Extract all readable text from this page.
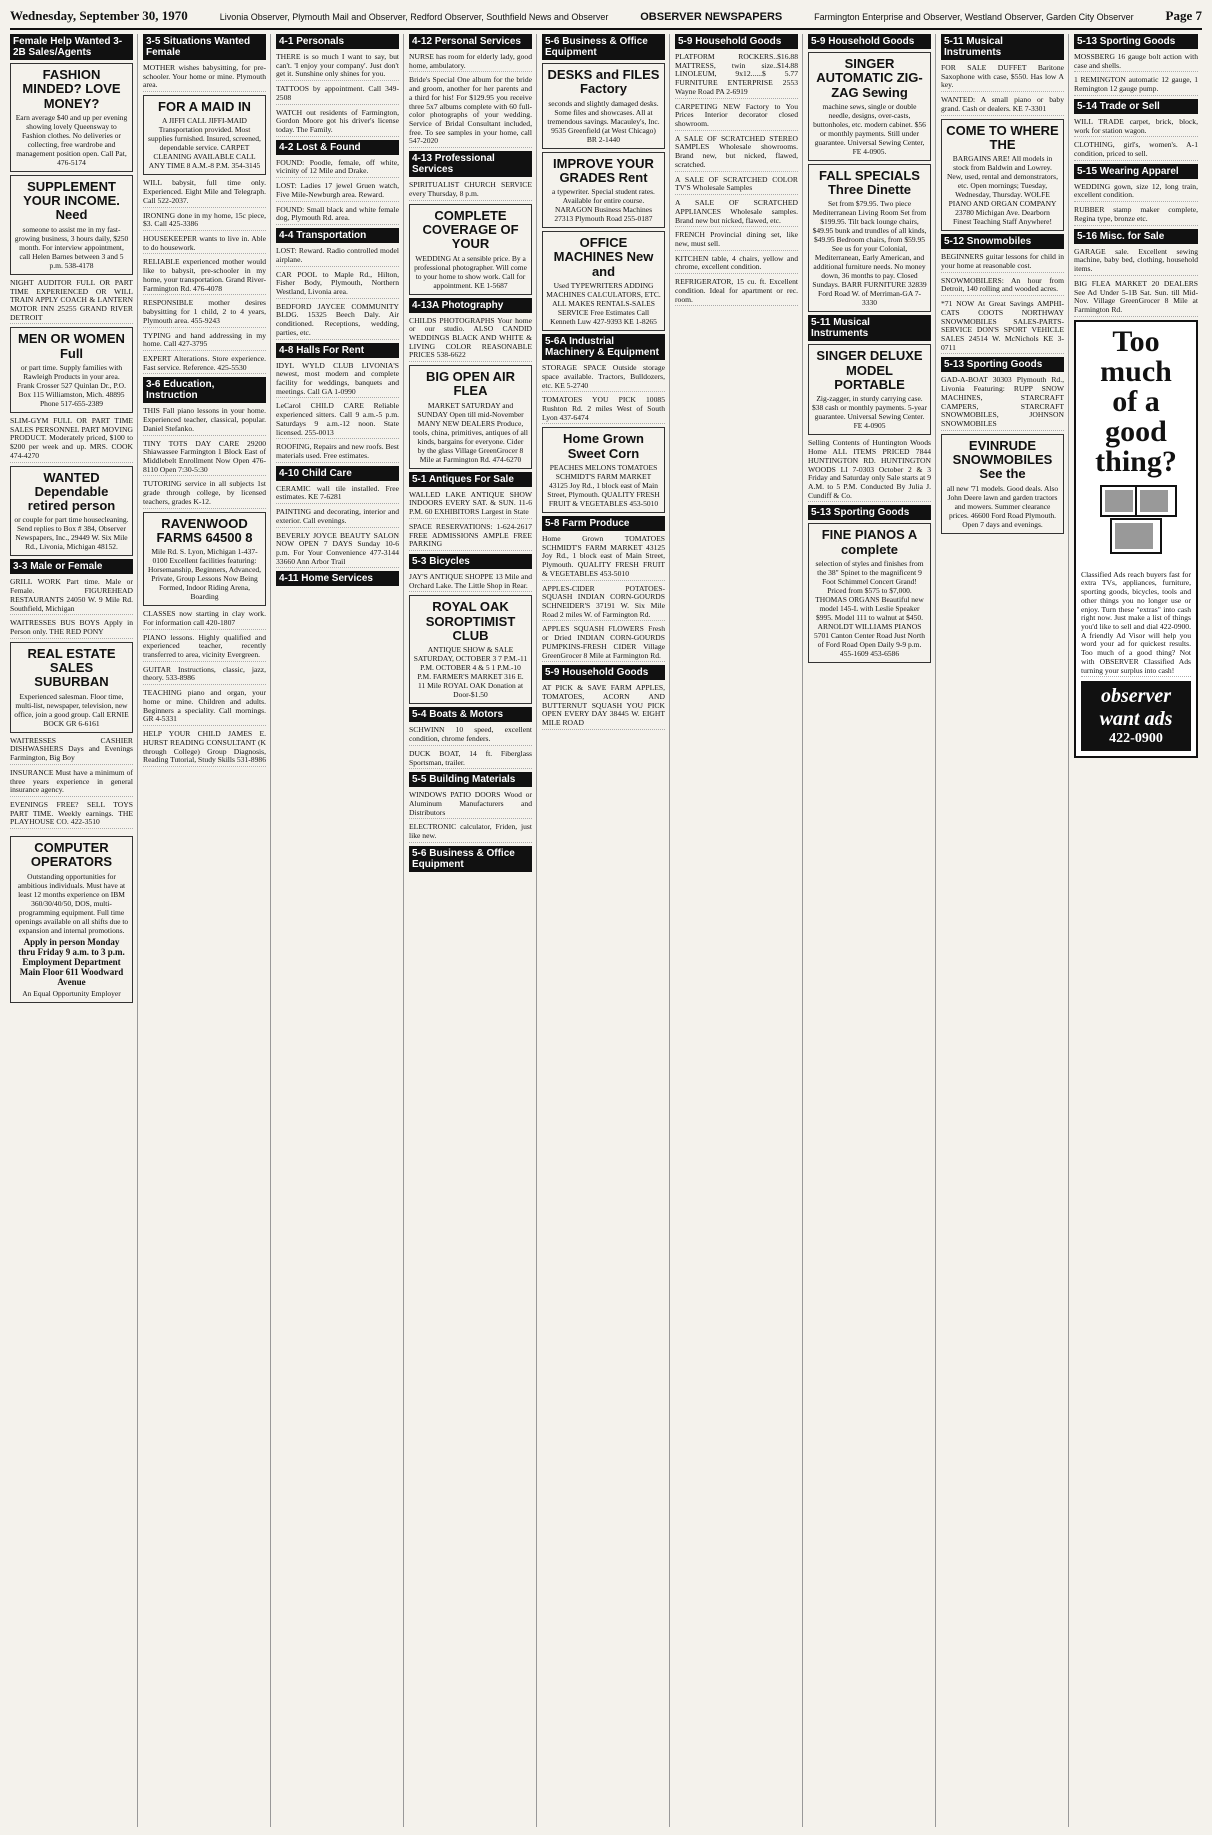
Wednesday, September 30, 1970	Livonia Observer, Plymouth Mail and Observer, Redford Observer, Southfield News and Observer	OBSERVER NEWSPAPERS	Farmington Enterprise and Observer, Westland Observer, Garden City Observer Page 7
Female Help Wanted 3-2B Sales/Agents
FASHION MINDED? LOVE MONEY?
Earn average $40 and up per evening showing lovely Queensway to Fashion clothes. No deliveries or collecting, free wardrobe and management position open. Call Pat, 476-5174
SUPPLEMENT YOUR INCOME. Need
someone to assist me in my fast-growing business, 3 hours daily, $250 month. For interview appointment, call Helen Barnes between 3 and 5 p.m. 538-4178
NIGHT AUDITOR FULL OR PART TIME EXPERIENCED OR WILL TRAIN APPLY COACH & LANTERN MOTOR INN 25255 GRAND RIVER DETROIT
MEN OR WOMEN Full
or part time. Supply families with Rawleigh Products in your area. Frank Crosser 527 Quinlan Dr., P.O. Box 115 Williamston, Mich. 48895 Phone 517-655-2389
SLIM-GYM FULL OR PART TIME SALES PERSONNEL PART MOVING PRODUCT. Moderately priced, $100 to $200 per week and up. MRS. COOK 474-4270
WANTED Dependable retired person
or couple for part time housecleaning. Send replies to Box # 384, Observer Newspapers, Inc., 29449 W. Six Mile Rd., Livonia, Michigan 48152.
3-3 Male or Female
GRILL WORK Part time. Male or Female. FIGUREHEAD RESTAURANTS 24050 W. 9 Mile Rd. Southfield, Michigan
WAITRESSES BUS BOYS Apply in Person only. THE RED PONY
REAL ESTATE SALES SUBURBAN
Experienced salesman. Floor time, multi-list, newspaper, television, new office, join a good group. Call ERNIE BOCK GR 6-6161
WAITRESSES CASHIER DISHWASHERS Days and Evenings Farmington, Big Boy
INSURANCE Must have a minimum of three years experience in general insurance agency.
EVENINGS FREE? SELL TOYS PART TIME. Weekly earnings. THE PLAYHOUSE CO. 422-3510
COMPUTER OPERATORS
Outstanding opportunities for ambitious individuals. Must have at least 12 months experience on IBM 360/30/40/50, DOS, multi-programming equipment. Full time openings available on all shifts due to expansion and internal promotions.
Apply in person Monday thru Friday 9 a.m. to 3 p.m. Employment Department Main Floor 611 Woodward Avenue
An Equal Opportunity Employer
3-5 Situations Wanted Female
MOTHER wishes babysitting, for pre-schooler. Your home or mine. Plymouth area.
FOR A MAID IN
A JIFFI CALL JIFFI-MAID Transportation provided. Most supplies furnished. Insured, screened, dependable service. CARPET CLEANING AVAILABLE CALL ANY TIME 8 A.M.-8 P.M. 354-3145
WILL babysit, full time only. Experienced. Eight Mile and Telegraph. Call 522-2037.
IRONING done in my home, 15c piece, $3. Call 425-3386
HOUSEKEEPER wants to live in. Able to do housework.
RELIABLE experienced mother would like to babysit, pre-schooler in my home, your transportation. Grand River-Farmington Rd. 476-4078
RESPONSIBLE mother desires babysitting for 1 child, 2 to 4 years, Plymouth area. 455-9243
TYPING and hand addressing in my home. Call 427-3795
EXPERT Alterations. Store experience. Fast service. Reference. 425-5530
3-6 Education, Instruction
THIS Fall piano lessons in your home. Experienced teacher, classical, popular. Daniel Stefanko.
TINY TOTS DAY CARE 29200 Shiawassee Farmington 1 Block East of Middlebelt Enrollment Now Open 476-8110 Open 7:30-5:30
TUTORING service in all subjects 1st grade through college, by licensed teachers, grades K-12.
RAVENWOOD FARMS 64500 8
Mile Rd. S. Lyon, Michigan 1-437-0100 Excellent facilities featuring: Horsemanship, Beginners, Advanced, Private, Group Lessons Now Being Formed, Indoor Riding Arena, Boarding
CLASSES now starting in clay work. For information call 420-1807
PIANO lessons. Highly qualified and experienced teacher, recently transferred to area, vicinity Evergreen.
GUITAR Instructions, classic, jazz, theory. 533-8986
TEACHING piano and organ, your home or mine. Children and adults. Beginners a speciality. Call mornings. GR 4-5331
HELP YOUR CHILD JAMES E. HURST READING CONSULTANT (K through College) Group Diagnosis, Reading Tutorial, Study Skills 531-8986
4-1 Personals
THERE is so much I want to say, but can't. 'I enjoy your company'. Just don't get it. Sunshine only shines for you.
TATTOOS by appointment. Call 349-2508
WATCH out residents of Farmington, Gordon Moore got his driver's license today. The Family.
4-2 Lost & Found
FOUND: Poodle, female, off white, vicinity of 12 Mile and Drake.
LOST: Ladies 17 jewel Gruen watch, Five Mile-Newburgh area. Reward.
FOUND: Small black and white female dog, Plymouth Rd. area.
4-4 Transportation
LOST: Reward. Radio controlled model airplane.
CAR POOL to Maple Rd., Hilton, Fisher Body, Plymouth, Northern Westland, Livonia area.
BEDFORD JAYCEE COMMUNITY BLDG. 15325 Beech Daly. Air conditioned. Receptions, wedding, parties, etc.
4-8 Halls For Rent
IDYL WYLD CLUB LIVONIA'S newest, most modern and complete facility for weddings, banquets and meetings. Call GA 1-0990
LeCarol CHILD CARE Reliable experienced sitters. Call 9 a.m.-5 p.m. Saturdays 9 a.m.-12 noon. State licensed. 255-0013
ROOFING, Repairs and new roofs. Best materials used. Free estimates.
4-10 Child Care
CERAMIC wall tile installed. Free estimates. KE 7-6281
PAINTING and decorating, interior and exterior. Call evenings.
BEVERLY JOYCE BEAUTY SALON NOW OPEN 7 DAYS Sunday 10-6 p.m. For Your Convenience 477-3144 33660 Ann Arbor Trail
4-11 Home Services
4-12 Personal Services
NURSE has room for elderly lady, good home, ambulatory.
Bride's Special One album for the bride and groom, another for her parents and a third for his! For $129.95 you receive three 5x7 albums complete with 60 full-color photographs of your wedding. Service of Bridal Consultant included, free. To see samples in your home, call 547-2020
4-13 Professional Services
SPIRITUALIST CHURCH SERVICE every Thursday, 8 p.m.
COMPLETE COVERAGE OF YOUR
WEDDING At a sensible price. By a professional photographer. Will come to your home to show work. Call for appointment. KE 1-5687
4-13A Photography
CHILDS PHOTOGRAPHS Your home or our studio. ALSO CANDID WEDDINGS BLACK AND WHITE & LIVING COLOR REASONABLE PRICES 538-6622
BIG OPEN AIR FLEA
MARKET SATURDAY and SUNDAY Open till mid-November MANY NEW DEALERS Produce, tools, china, primitives, antiques of all kinds, bargains for everyone. Cider by the glass Village GreenGrocer 8 Mile at Farmington Rd. 474-6270
5-1 Antiques For Sale
WALLED LAKE ANTIQUE SHOW INDOORS EVERY SAT. & SUN. 11-6 P.M. 60 EXHIBITORS Largest in State
SPACE RESERVATIONS: 1-624-2617 FREE ADMISSIONS AMPLE FREE PARKING
5-3 Bicycles
JAY'S ANTIQUE SHOPPE 13 Mile and Orchard Lake. The Little Shop in Rear.
ROYAL OAK SOROPTIMIST CLUB
ANTIQUE SHOW & SALE SATURDAY, OCTOBER 3 7 P.M.-11 P.M. OCTOBER 4 & 5 1 P.M.-10 P.M. FARMER'S MARKET 316 E. 11 Mile ROYAL OAK Donation at Door-$1.50
5-4 Boats & Motors
SCHWINN 10 speed, excellent condition, chrome fenders.
DUCK BOAT, 14 ft. Fiberglass Sportsman, trailer.
5-5 Building Materials
WINDOWS PATIO DOORS Wood or Aluminum Manufacturers and Distributors
ELECTRONIC calculator, Friden, just like new.
5-6 Business & Office Equipment
5-6 Business & Office Equipment
DESKS and FILES Factory
seconds and slightly damaged desks. Some files and showcases. All at tremendous savings. Macauley's, Inc. 9535 Greenfield (at West Chicago) BR 2-1440
IMPROVE YOUR GRADES Rent
a typewriter. Special student rates. Available for entire course. NARAGON Business Machines 27313 Plymouth Road 255-0187
OFFICE MACHINES New and
Used TYPEWRITERS ADDING MACHINES CALCULATORS, ETC. ALL MAKES RENTALS-SALES SERVICE Free Estimates Call Kenneth Luw 427-9393 KE 1-8265
5-6A Industrial Machinery & Equipment
STORAGE SPACE Outside storage space available. Tractors, Bulldozers, etc. KE 5-2740
TOMATOES YOU PICK 10085 Rushton Rd. 2 miles West of South Lyon 437-6474
Home Grown Sweet Corn
PEACHES MELONS TOMATOES SCHMIDT'S FARM MARKET 43125 Joy Rd., 1 block east of Main Street, Plymouth. QUALITY FRESH FRUIT & VEGETABLES 453-5010
5-8 Farm Produce
Home Grown TOMATOES SCHMIDT'S FARM MARKET 43125 Joy Rd., 1 block east of Main Street, Plymouth. QUALITY FRESH FRUIT & VEGETABLES 453-5010
APPLES-CIDER POTATOES-SQUASH INDIAN CORN-GOURDS SCHNEIDER'S 37191 W. Six Mile Road 2 miles W. of Farmington Rd.
APPLES SQUASH FLOWERS Fresh or Dried INDIAN CORN-GOURDS PUMPKINS-FRESH CIDER Village GreenGrocer 8 Mile at Farmington Rd.
5-9 Household Goods
AT PICK & SAVE FARM APPLES, TOMATOES, ACORN AND BUTTERNUT SQUASH YOU PICK OPEN EVERY DAY 38445 W. EIGHT MILE ROAD
5-9 Household Goods
PLATFORM ROCKERS..$16.88 MATTRESS, twin size..$14.88 LINOLEUM, 9x12......$ 5.77 FURNITURE ENTERPRISE 2553 Wayne Road PA 2-6919
CARPETING NEW Factory to You Prices Interior decorator closed showroom.
A SALE OF SCRATCHED STEREO SAMPLES Wholesale showrooms. Brand new, but nicked, flawed, scratched.
A SALE OF SCRATCHED COLOR TV'S Wholesale Samples
A SALE OF SCRATCHED APPLIANCES Wholesale samples. Brand new but nicked, flawed, etc.
FRENCH Provincial dining set, like new, must sell.
KITCHEN table, 4 chairs, yellow and chrome, excellent condition.
REFRIGERATOR, 15 cu. ft. Excellent condition. Ideal for apartment or rec. room.
5-9 Household Goods
SINGER AUTOMATIC ZIG-ZAG Sewing
machine sews, single or double needle, designs, over-casts, buttonholes, etc. modern cabinet. $56 or monthly payments. Still under guarantee. Universal Sewing Center, FE 4-0905.
FALL SPECIALS Three Dinette
Set from $79.95. Two piece Mediterranean Living Room Set from $199.95. Tilt back lounge chairs, $49.95 bunk and trundles of all kinds, $49.95 Bedroom chairs, from $59.95 See us for your Colonial, Mediterranean, Early American, and additional furniture needs. No money down, 36 months to pay. Closed Sundays. BARR FURNITURE 32839 Ford Road W. of Merriman-GA 7-3330
5-11 Musical Instruments
SINGER DELUXE MODEL PORTABLE
Zig-zagger, in sturdy carrying case. $38 cash or monthly payments. 5-year guarantee. Universal Sewing Center. FE 4-0905
Selling Contents of Huntington Woods Home ALL ITEMS PRICED 7844 HUNTINGTON RD. HUNTINGTON WOODS LI 7-0303 October 2 & 3 Friday and Saturday only Sale starts at 9 A.M. to 5 P.M. Conducted By Julia J. Cundiff & Co.
5-13 Sporting Goods
FINE PIANOS A complete
selection of styles and finishes from the 38" Spinet to the magnificent 9 Foot Schimmel Concert Grand! Priced from $575 to $7,000. THOMAS ORGANS Beautiful new model 145-L with Leslie Speaker $995. Model 111 to walnut at $450. ARNOLDT WILLIAMS PIANOS 5701 Canton Center Road Just North of Ford Road Open Daily 9-9 p.m. 455-1609 453-6586
5-11 Musical Instruments
FOR SALE DUFFET Baritone Saxophone with case, $550. Has low A key.
WANTED: A small piano or baby grand. Cash or dealers. KE 7-3301
COME TO WHERE THE
BARGAINS ARE! All models in stock from Baldwin and Lowrey. New, used, rental and demonstrators, etc. Open mornings; Tuesday, Wednesday, Thursday. WOLFE PIANO AND ORGAN COMPANY 23780 Michigan Ave. Dearborn Finest Teaching Staff Anywhere!
5-12 Snowmobiles
BEGINNERS guitar lessons for child in your home at reasonable cost.
SNOWMOBILERS: An hour from Detroit, 140 rolling and wooded acres.
*71 NOW At Great Savings AMPHI-CATS COOTS NORTHWAY SNOWMOBILES SALES-PARTS-SERVICE DON'S SPORT VEHICLE SALES 24514 W. McNichols KE 3-0711
5-13 Sporting Goods
GAD-A-BOAT 30303 Plymouth Rd., Livonia Featuring: RUPP SNOW MACHINES, STARCRAFT CAMPERS, STARCRAFT SNOWMOBILES, JOHNSON SNOWMOBILES
EVINRUDE SNOWMOBILES See the
all new '71 models. Good deals. Also John Deere lawn and garden tractors and mowers. Summer clearance prices. 46600 Ford Road Plymouth. Open 7 days and evenings.
5-13 Sporting Goods
MOSSBERG 16 gauge bolt action with case and shells.
1 REMINGTON automatic 12 gauge, 1 Remington 12 gauge pump.
5-14 Trade or Sell
WILL TRADE carpet, brick, block, work for station wagon.
CLOTHING, girl's, women's. A-1 condition, priced to sell.
5-15 Wearing Apparel
WEDDING gown, size 12, long train, excellent condition.
RUBBER stamp maker complete, Regina type, bronze etc.
5-16 Misc. for Sale
GARAGE sale. Excellent sewing machine, baby bed, clothing, household items.
BIG FLEA MARKET 20 DEALERS See Ad Under 5-1B Sat. Sun. till Mid-Nov. Village GreenGrocer 8 Mile at Farmington Rd.
Too much
of a
good
thing?
Classified Ads reach buyers fast for extra TVs, appliances, furniture, sporting goods, bicycles, tools and other things you no longer use or enjoy. Turn these "extras" into cash right now. Just make a list of things you'd like to sell and dial 422-0900. A friendly Ad Visor will help you word your ad for quickest results. Too much of a good thing? Not with OBSERVER Classified Ads turning your surplus into cash!
observer want ads
422-0900
